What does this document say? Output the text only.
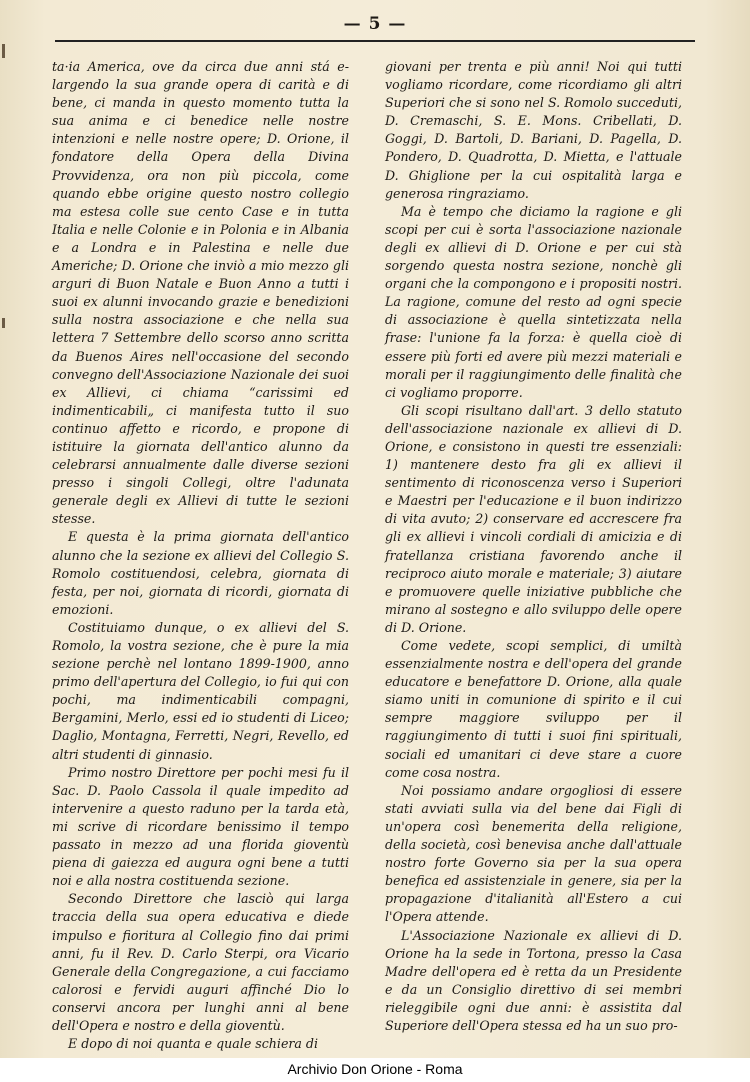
— 5 —

ta·ia America, ove da circa due anni stá e-largendo la sua grande opera di carità e di bene, ci manda in questo momento tutta la sua anima e ci benedice nelle nostre intenzioni e nelle nostre opere; D. Orione, il fondatore della Opera della Divina Provvidenza, ora non più piccola, come quando ebbe origine questo nostro collegio ma estesa colle sue cento Case e in tutta Italia e nelle Colonie e in Polonia e in Albania e a Londra e in Palestina e nelle due Americhe; D. Orione che inviò a mio mezzo gli arguri di Buon Natale e Buon Anno a tutti i suoi ex alunni invocando grazie e benedizioni sulla nostra associazione e che nella sua lettera 7 Settembre dello scorso anno scritta da Buenos Aires nell'occasione del secondo convegno dell'Associazione Nazionale dei suoi ex Allievi, ci chiama “carissimi ed indimenticabili„ ci manifesta tutto il suo continuo affetto e ricordo, e propone di istituire la giornata dell'antico alunno da celebrarsi annualmente dalle diverse sezioni presso i singoli Collegi, oltre l'adunata generale degli ex Allievi di tutte le sezioni stesse.

E questa è la prima giornata dell'antico alunno che la sezione ex allievi del Collegio S. Romolo costituendosi, celebra, giornata di festa, per noi, giornata di ricordi, giornata di emozioni.

Costituiamo dunque, o ex allievi del S. Romolo, la vostra sezione, che è pure la mia sezione perchè nel lontano 1899-1900, anno primo dell'apertura del Collegio, io fui qui con pochi, ma indimenticabili compagni, Bergamini, Merlo, essi ed io studenti di Liceo; Daglio, Montagna, Ferretti, Negri, Revello, ed altri studenti di ginnasio.

Primo nostro Direttore per pochi mesi fu il Sac. D. Paolo Cassola il quale impedito ad intervenire a questo raduno per la tarda età, mi scrive di ricordare benissimo il tempo passato in mezzo ad una florida gioventù piena di gaiezza ed augura ogni bene a tutti noi e alla nostra costituenda sezione.

Secondo Direttore che lasciò qui larga traccia della sua opera educativa e diede impulso e fioritura al Collegio fino dai primi anni, fu il Rev. D. Carlo Sterpi, ora Vicario Generale della Congregazione, a cui facciamo calorosi e fervidi auguri affinché Dio lo conservi ancora per lunghi anni al bene dell'Opera e nostro e della gioventù.

E dopo di noi quanta e quale schiera di

giovani per trenta e più anni! Noi qui tutti vogliamo ricordare, come ricordiamo gli altri Superiori che si sono nel S. Romolo succeduti, D. Cremaschi, S. E. Mons. Cribellati, D. Goggi, D. Bartoli, D. Bariani, D. Pagella, D. Pondero, D. Quadrotta, D. Mietta, e l'attuale D. Ghiglione per la cui ospitalità larga e generosa ringraziamo.

Ma è tempo che diciamo la ragione e gli scopi per cui è sorta l'associazione nazionale degli ex allievi di D. Orione e per cui stà sorgendo questa nostra sezione, nonchè gli organi che la compongono e i propositi nostri. La ragione, comune del resto ad ogni specie di associazione è quella sintetizzata nella frase: l'unione fa la forza: è quella cioè di essere più forti ed avere più mezzi materiali e morali per il raggiungimento delle finalità che ci vogliamo proporre.

Gli scopi risultano dall'art. 3 dello statuto dell'associazione nazionale ex allievi di D. Orione, e consistono in questi tre essenziali: 1) mantenere desto fra gli ex allievi il sentimento di riconoscenza verso i Superiori e Maestri per l'educazione e il buon indirizzo di vita avuto; 2) conservare ed accrescere fra gli ex allievi i vincoli cordiali di amicizia e di fratellanza cristiana favorendo anche il reciproco aiuto morale e materiale; 3) aiutare e promuovere quelle iniziative pubbliche che mirano al sostegno e allo sviluppo delle opere di D. Orione.

Come vedete, scopi semplici, di umiltà essenzialmente nostra e dell'opera del grande educatore e benefattore D. Orione, alla quale siamo uniti in comunione di spirito e il cui sempre maggiore sviluppo per il raggiungimento di tutti i suoi fini spirituali, sociali ed umanitari ci deve stare a cuore come cosa nostra.

Noi possiamo andare orgogliosi di essere stati avviati sulla via del bene dai Figli di un'opera così benemerita della religione, della società, così benevisa anche dall'attuale nostro forte Governo sia per la sua opera benefica ed assistenziale in genere, sia per la propagazione d'italianità all'Estero a cui l'Opera attende.

L'Associazione Nazionale ex allievi di D. Orione ha la sede in Tortona, presso la Casa Madre dell'opera ed è retta da un Presidente e da un Consiglio direttivo di sei membri rieleggibile ogni due anni: è assistita dal Superiore dell'Opera stessa ed ha un suo pro-

Archivio Don Orione - Roma
